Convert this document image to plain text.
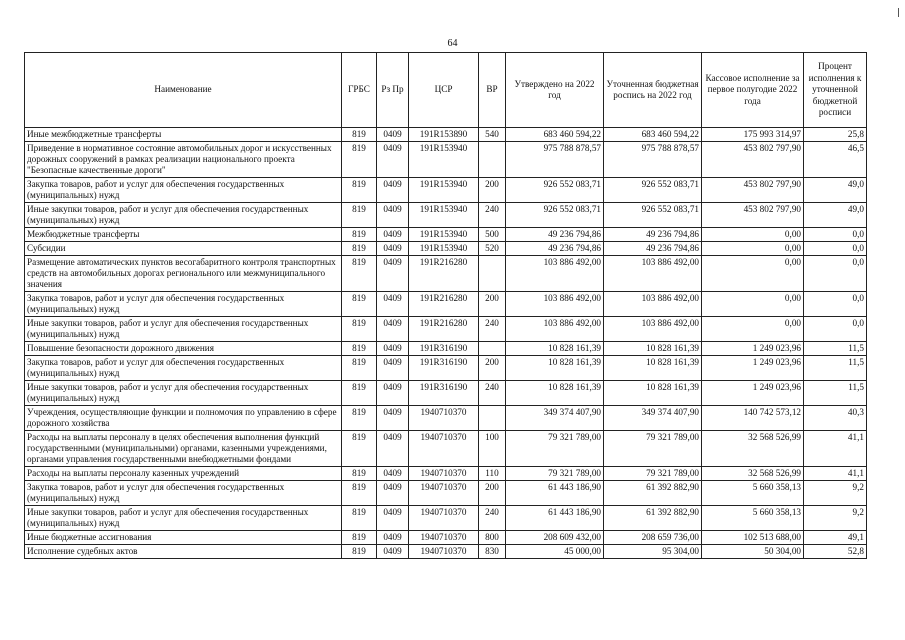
64
Наименование	ГРБС	Рз Пр	ЦСР	ВР	Утверждено на 2022 год	Уточненная бюджетная роспись на 2022 год	Кассовое исполнение за первое полугодие 2022 года	Процент исполнения к уточненной бюджетной росписи
Иные межбюджетные трансферты	819	0409	191R153890	540	683 460 594,22	683 460 594,22	175 993 314,97	25,8
Приведение в нормативное состояние автомобильных дорог и искусственных дорожных сооружений в рамках реализации национального проекта "Безопасные качественные дороги"	819	0409	191R153940		975 788 878,57	975 788 878,57	453 802 797,90	46,5
Закупка товаров, работ и услуг для обеспечения государственных (муниципальных) нужд	819	0409	191R153940	200	926 552 083,71	926 552 083,71	453 802 797,90	49,0
Иные закупки товаров, работ и услуг для обеспечения государственных (муниципальных) нужд	819	0409	191R153940	240	926 552 083,71	926 552 083,71	453 802 797,90	49,0
Межбюджетные трансферты	819	0409	191R153940	500	49 236 794,86	49 236 794,86	0,00	0,0
Субсидии	819	0409	191R153940	520	49 236 794,86	49 236 794,86	0,00	0,0
Размещение автоматических пунктов весогабаритного контроля транспортных средств на автомобильных дорогах регионального или межмуниципального значения	819	0409	191R216280		103 886 492,00	103 886 492,00	0,00	0,0
Закупка товаров, работ и услуг для обеспечения государственных (муниципальных) нужд	819	0409	191R216280	200	103 886 492,00	103 886 492,00	0,00	0,0
Иные закупки товаров, работ и услуг для обеспечения государственных (муниципальных) нужд	819	0409	191R216280	240	103 886 492,00	103 886 492,00	0,00	0,0
Повышение безопасности дорожного движения	819	0409	191R316190		10 828 161,39	10 828 161,39	1 249 023,96	11,5
Закупка товаров, работ и услуг для обеспечения государственных (муниципальных) нужд	819	0409	191R316190	200	10 828 161,39	10 828 161,39	1 249 023,96	11,5
Иные закупки товаров, работ и услуг для обеспечения государственных (муниципальных) нужд	819	0409	191R316190	240	10 828 161,39	10 828 161,39	1 249 023,96	11,5
Учреждения, осуществляющие функции и полномочия по управлению в сфере дорожного хозяйства	819	0409	1940710370		349 374 407,90	349 374 407,90	140 742 573,12	40,3
Расходы на выплаты персоналу в целях обеспечения выполнения функций государственными (муниципальными) органами, казенными учреждениями, органами управления государственными внебюджетными фондами	819	0409	1940710370	100	79 321 789,00	79 321 789,00	32 568 526,99	41,1
Расходы на выплаты персоналу казенных учреждений	819	0409	1940710370	110	79 321 789,00	79 321 789,00	32 568 526,99	41,1
Закупка товаров, работ и услуг для обеспечения государственных (муниципальных) нужд	819	0409	1940710370	200	61 443 186,90	61 392 882,90	5 660 358,13	9,2
Иные закупки товаров, работ и услуг для обеспечения государственных (муниципальных) нужд	819	0409	1940710370	240	61 443 186,90	61 392 882,90	5 660 358,13	9,2
Иные бюджетные ассигнования	819	0409	1940710370	800	208 609 432,00	208 659 736,00	102 513 688,00	49,1
Исполнение судебных актов	819	0409	1940710370	830	45 000,00	95 304,00	50 304,00	52,8
